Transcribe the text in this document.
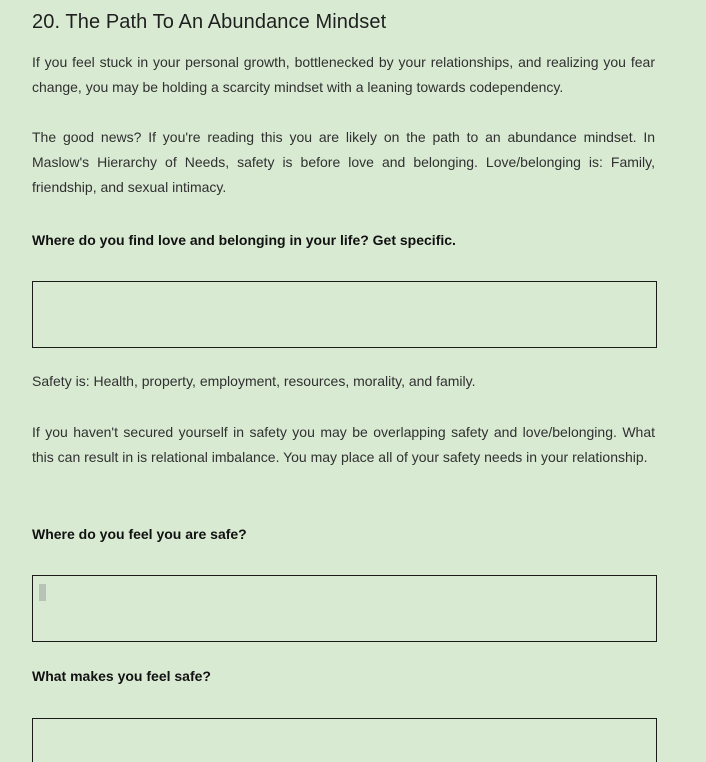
20. The Path To An Abundance Mindset

If you feel stuck in your personal growth, bottlenecked by your relationships, and realizing you fear change, you may be holding a scarcity mindset with a leaning towards codependency.

The good news? If you're reading this you are likely on the path to an abundance mindset. In Maslow's Hierarchy of Needs, safety is before love and belonging. Love/belonging is: Family, friendship, and sexual intimacy.

Where do you find love and belonging in your life? Get specific.

Safety is: Health, property, employment, resources, morality, and family.

If you haven't secured yourself in safety you may be overlapping safety and love/belonging. What this can result in is relational imbalance. You may place all of your safety needs in your relationship.

Where do you feel you are safe?

What makes you feel safe?
